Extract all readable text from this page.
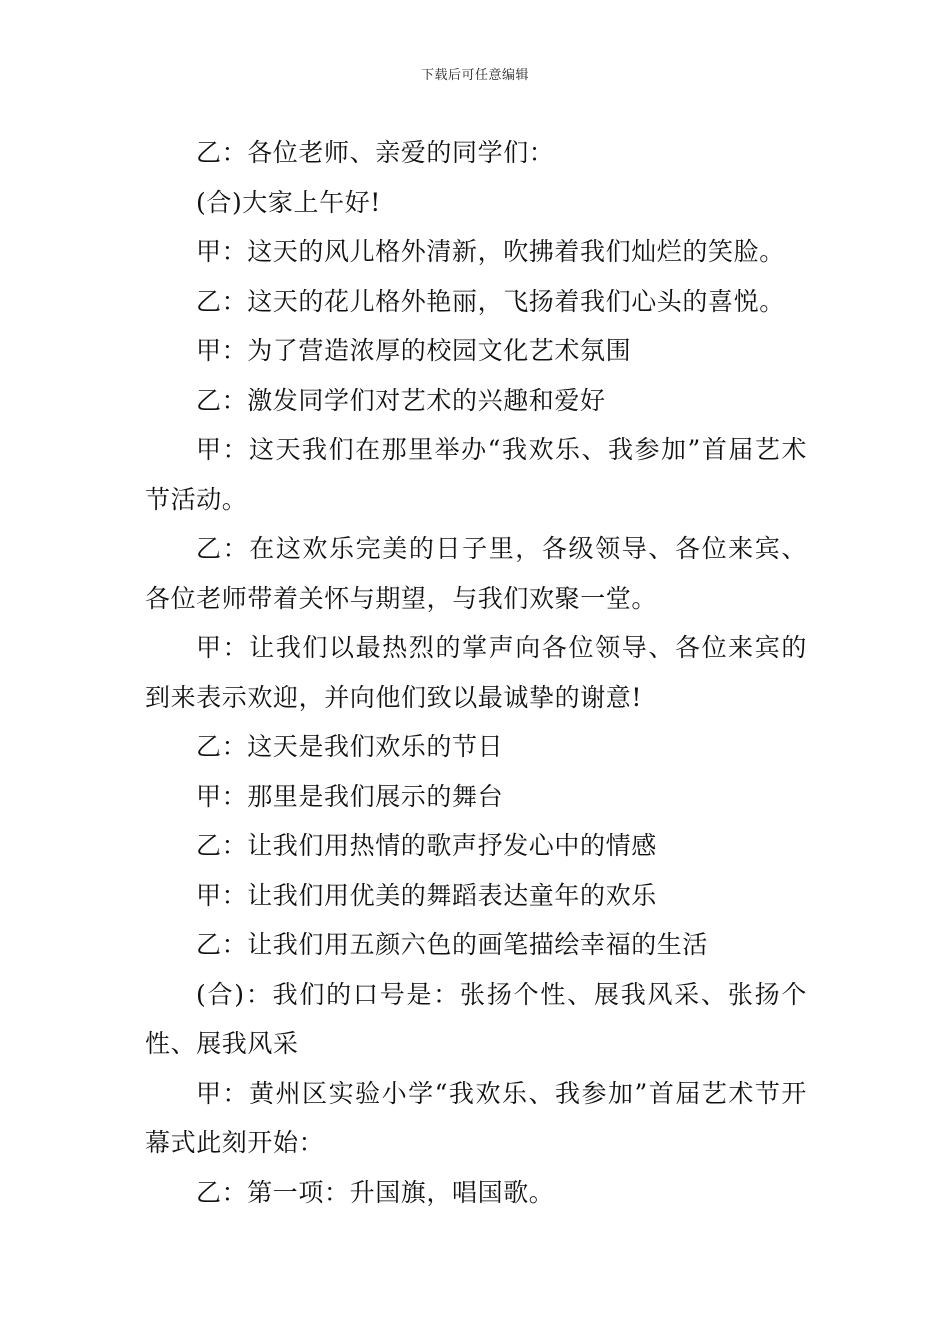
下载后可任意编辑

乙：各位老师、亲爱的同学们：

(合)大家上午好!

甲：这天的风儿格外清新，吹拂着我们灿烂的笑脸。

乙：这天的花儿格外艳丽，飞扬着我们心头的喜悦。

甲：为了营造浓厚的校园文化艺术氛围

乙：激发同学们对艺术的兴趣和爱好

甲：这天我们在那里举办“我欢乐、我参加”首届艺术节活动。

乙：在这欢乐完美的日子里，各级领导、各位来宾、各位老师带着关怀与期望，与我们欢聚一堂。

甲：让我们以最热烈的掌声向各位领导、各位来宾的到来表示欢迎，并向他们致以最诚挚的谢意!

乙：这天是我们欢乐的节日

甲：那里是我们展示的舞台

乙：让我们用热情的歌声抒发心中的情感

甲：让我们用优美的舞蹈表达童年的欢乐

乙：让我们用五颜六色的画笔描绘幸福的生活

(合)：我们的口号是：张扬个性、展我风采、张扬个性、展我风采

甲：黄州区实验小学“我欢乐、我参加”首届艺术节开幕式此刻开始：

乙：第一项：升国旗，唱国歌。
